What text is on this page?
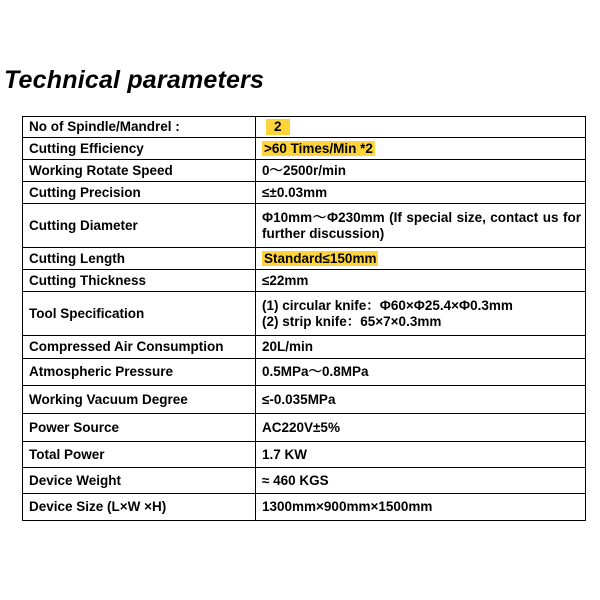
Technical parameters
No of Spindle/Mandrel :	2
Cutting Efficiency	>60 Times/Min *2
Working Rotate Speed	0～2500r/min
Cutting Precision	≤±0.03mm
Cutting Diameter	Φ10mm～Φ230mm (If special size, contact us for further discussion)
Cutting Length	Standard≤150mm
Cutting Thickness	≤22mm
Tool Specification	(1) circular knife：Φ60×Φ25.4×Φ0.3mm
(2) strip knife：65×7×0.3mm

Compressed Air Consumption	20L/min
Atmospheric Pressure	0.5MPa～0.8MPa
Working Vacuum Degree	≤-0.035MPa
Power Source	AC220V±5%
Total Power	1.7 KW
Device Weight	≈ 460 KGS
Device Size (L×W ×H)	1300mm×900mm×1500mm
